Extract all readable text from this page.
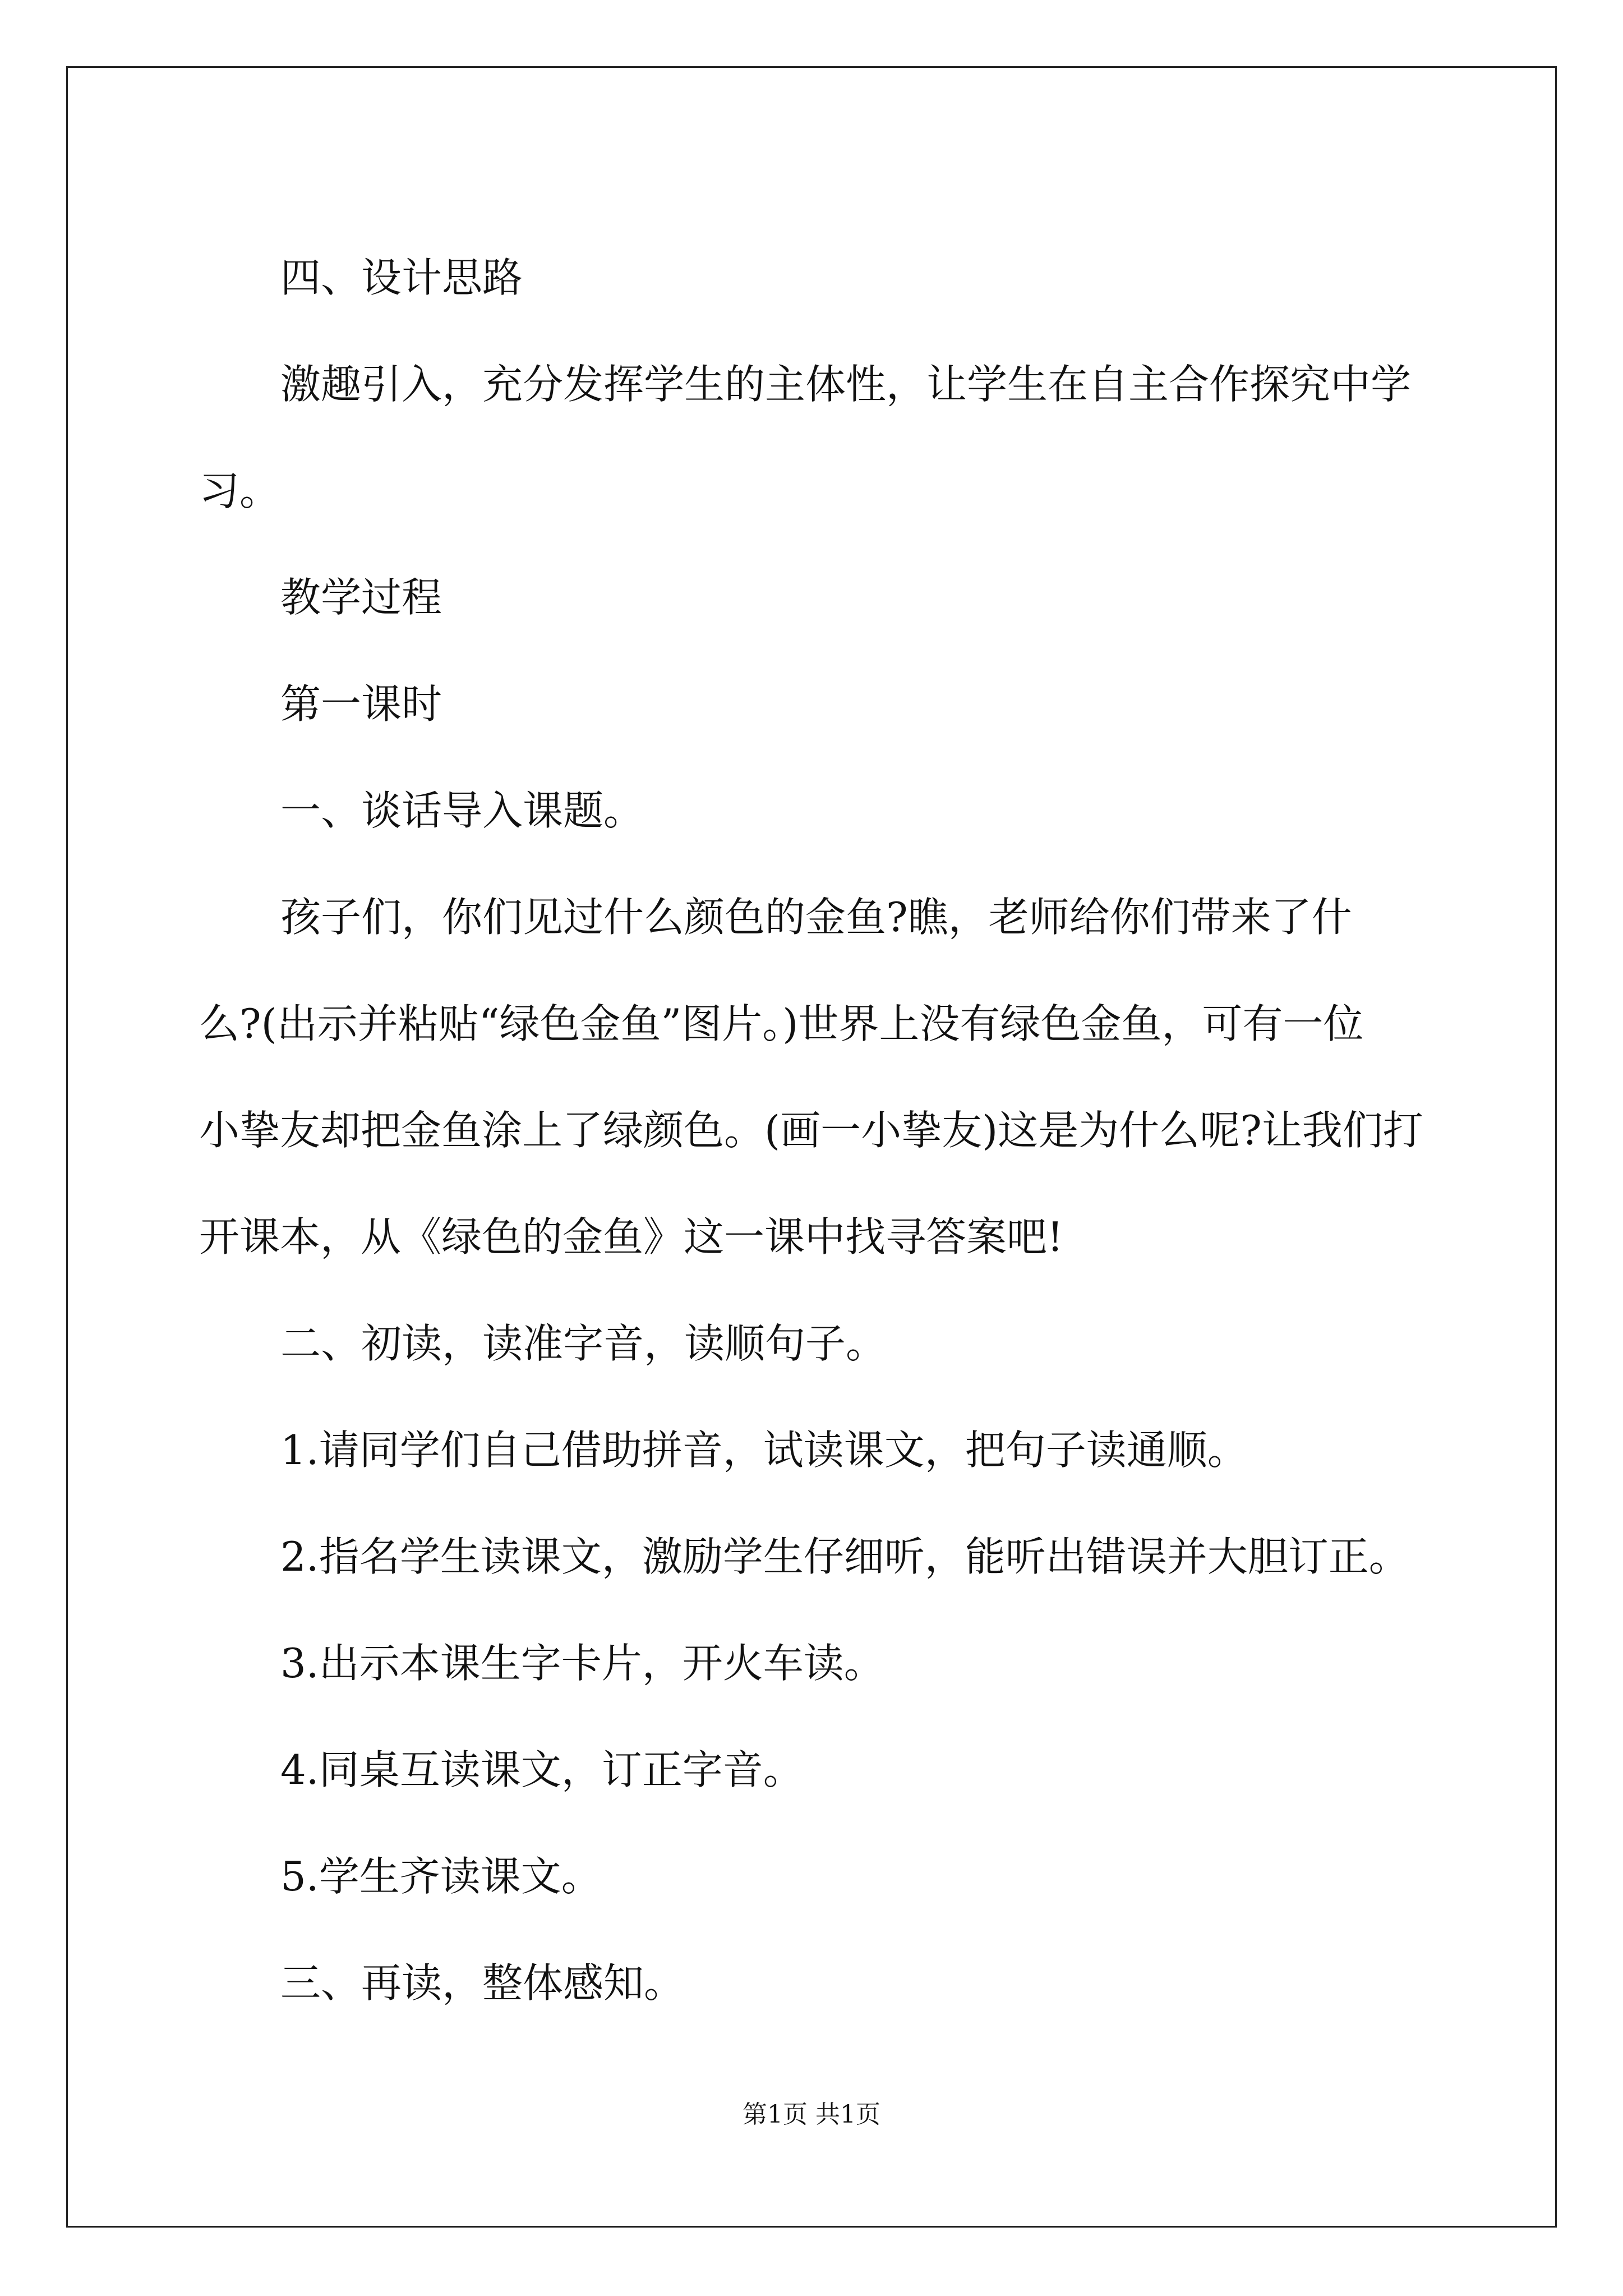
四、设计思路

激趣引入，充分发挥学生的主体性，让学生在自主合作探究中学

习。

教学过程

第一课时

一、谈话导入课题。

孩子们，你们见过什么颜色的金鱼?瞧，老师给你们带来了什

么?(出示并粘贴“绿色金鱼”图片。)世界上没有绿色金鱼，可有一位

小挚友却把金鱼涂上了绿颜色。(画一小挚友)这是为什么呢?让我们打

开课本，从《绿色的金鱼》这一课中找寻答案吧!

二、初读，读准字音，读顺句子。

1.请同学们自己借助拼音，试读课文，把句子读通顺。

2.指名学生读课文，激励学生仔细听，能听出错误并大胆订正。

3.出示本课生字卡片，开火车读。

4.同桌互读课文，订正字音。

5.学生齐读课文。

三、再读，整体感知。

第1页 共1页
